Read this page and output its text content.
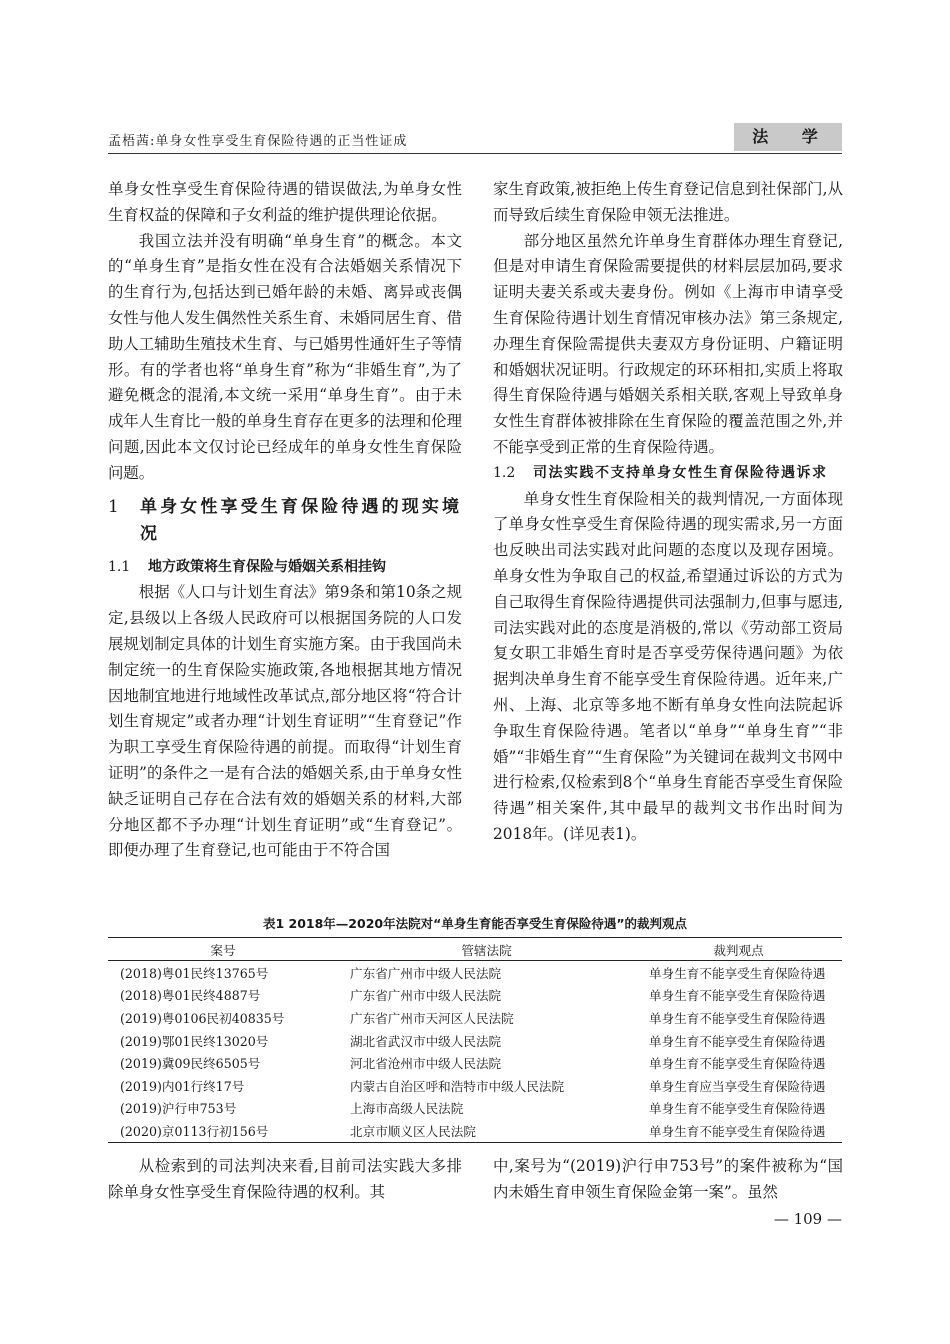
孟梧茜:单身女性享受生育保险待遇的正当性证成	法 学

单身女性享受生育保险待遇的错误做法,为单身女性生育权益的保障和子女利益的维护提供理论依据。

我国立法并没有明确“单身生育”的概念。本文的“单身生育”是指女性在没有合法婚姻关系情况下的生育行为,包括达到已婚年龄的未婚、离异或丧偶女性与他人发生偶然性关系生育、未婚同居生育、借助人工辅助生殖技术生育、与已婚男性通奸生子等情形。有的学者也将“单身生育”称为“非婚生育”,为了避免概念的混淆,本文统一采用“单身生育”。由于未成年人生育比一般的单身生育存在更多的法理和伦理问题,因此本文仅讨论已经成年的单身女性生育保险问题。

1	单身女性享受生育保险待遇的现实境况

1.1	地方政策将生育保险与婚姻关系相挂钩

根据《人口与计划生育法》第9条和第10条之规定,县级以上各级人民政府可以根据国务院的人口发展规划制定具体的计划生育实施方案。由于我国尚未制定统一的生育保险实施政策,各地根据其地方情况因地制宜地进行地域性改革试点,部分地区将“符合计划生育规定”或者办理“计划生育证明”“生育登记”作为职工享受生育保险待遇的前提。而取得“计划生育证明”的条件之一是有合法的婚姻关系,由于单身女性缺乏证明自己存在合法有效的婚姻关系的材料,大部分地区都不予办理“计划生育证明”或“生育登记”。即便办理了生育登记,也可能由于不符合国

家生育政策,被拒绝上传生育登记信息到社保部门,从而导致后续生育保险申领无法推进。

部分地区虽然允许单身生育群体办理生育登记,但是对申请生育保险需要提供的材料层层加码,要求证明夫妻关系或夫妻身份。例如《上海市申请享受生育保险待遇计划生育情况审核办法》第三条规定,办理生育保险需提供夫妻双方身份证明、户籍证明和婚姻状况证明。行政规定的环环相扣,实质上将取得生育保险待遇与婚姻关系相关联,客观上导致单身女性生育群体被排除在生育保险的覆盖范围之外,并不能享受到正常的生育保险待遇。

1.2	司法实践不支持单身女性生育保险待遇诉求

单身女性生育保险相关的裁判情况,一方面体现了单身女性享受生育保险待遇的现实需求,另一方面也反映出司法实践对此问题的态度以及现存困境。单身女性为争取自己的权益,希望通过诉讼的方式为自己取得生育保险待遇提供司法强制力,但事与愿违,司法实践对此的态度是消极的,常以《劳动部工资局复女职工非婚生育时是否享受劳保待遇问题》为依据判决单身生育不能享受生育保险待遇。近年来,广州、上海、北京等多地不断有单身女性向法院起诉争取生育保险待遇。笔者以“单身”“单身生育”“非婚”“非婚生育”“生育保险”为关键词在裁判文书网中进行检索,仅检索到8个“单身生育能否享受生育保险待遇”相关案件,其中最早的裁判文书作出时间为2018年。(详见表1)。

表1 2018年—2020年法院对“单身生育能否享受生育保险待遇”的裁判观点
案号	管辖法院	裁判观点
(2018)粤01民终13765号	广东省广州市中级人民法院	单身生育不能享受生育保险待遇
(2018)粤01民终4887号	广东省广州市中级人民法院	单身生育不能享受生育保险待遇
(2019)粤0106民初40835号	广东省广州市天河区人民法院	单身生育不能享受生育保险待遇
(2019)鄂01民终13020号	湖北省武汉市中级人民法院	单身生育不能享受生育保险待遇
(2019)冀09民终6505号	河北省沧州市中级人民法院	单身生育不能享受生育保险待遇
(2019)内01行终17号	内蒙古自治区呼和浩特市中级人民法院	单身生育应当享受生育保险待遇
(2019)沪行申753号	上海市高级人民法院	单身生育不能享受生育保险待遇
(2020)京0113行初156号	北京市顺义区人民法院	单身生育不能享受生育保险待遇

从检索到的司法判决来看,目前司法实践大多排除单身女性享受生育保险待遇的权利。其

中,案号为“(2019)沪行申753号”的案件被称为“国内未婚生育申领生育保险金第一案”。虽然

— 109 —
